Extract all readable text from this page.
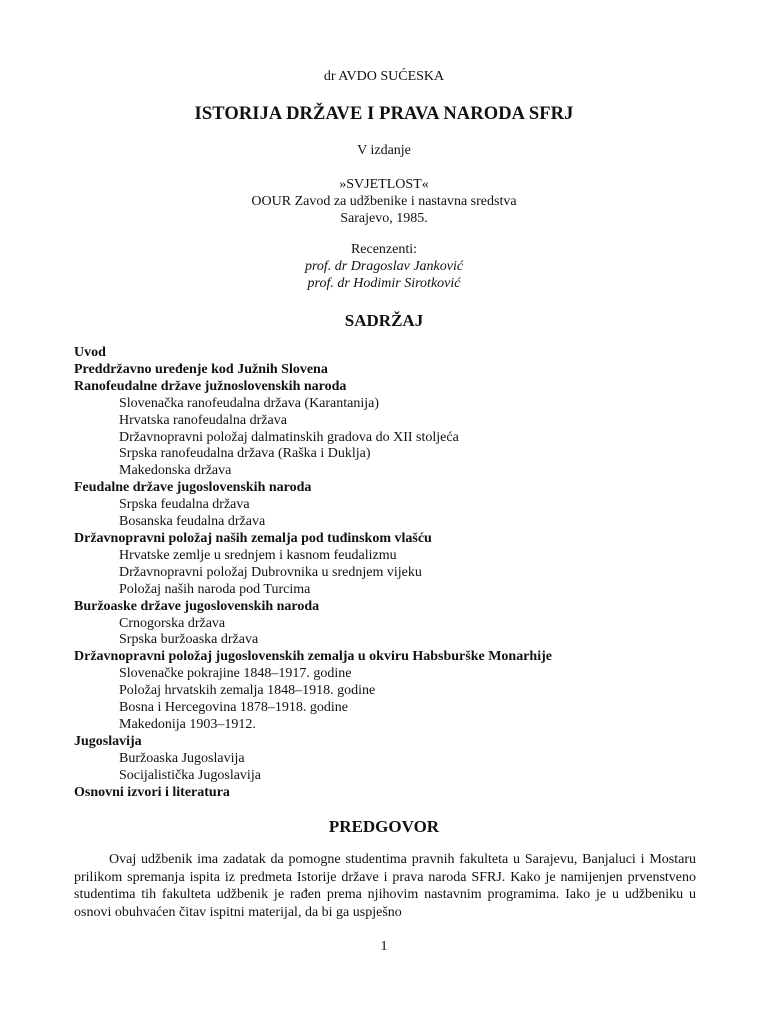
dr AVDO SUĆESKA
ISTORIJA DRŽAVE I PRAVA NARODA SFRJ
V izdanje
»SVJETLOST«
OOUR Zavod za udžbenike i nastavna sredstva
Sarajevo, 1985.
Recenzenti:
prof. dr Dragoslav Janković
prof. dr Hodimir Sirotković
SADRŽAJ
Uvod
Preddržavno uređenje kod Južnih Slovena
Ranofeudalne države južnoslovenskih naroda
Slovenačka ranofeudalna država (Karantanija)
Hrvatska ranofeudalna država
Državnopravni položaj dalmatinskih gradova do XII stoljeća
Srpska ranofeudalna država (Raška i Duklja)
Makedonska država
Feudalne države jugoslovenskih naroda
Srpska feudalna država
Bosanska feudalna država
Državnopravni položaj naših zemalja pod tuđinskom vlašću
Hrvatske zemlje u srednjem i kasnom feudalizmu
Državnopravni položaj Dubrovnika u srednjem vijeku
Položaj naših naroda pod Turcima
Buržoaske države jugoslovenskih naroda
Crnogorska država
Srpska buržoaska država
Državnopravni položaj jugoslovenskih zemalja u okviru Habsburške Monarhije
Slovenačke pokrajine 1848–1917. godine
Položaj hrvatskih zemalja 1848–1918. godine
Bosna i Hercegovina 1878–1918. godine
Makedonija 1903–1912.
Jugoslavija
Buržoaska Jugoslavija
Socijalistička Jugoslavija
Osnovni izvori i literatura
PREDGOVOR

Ovaj udžbenik ima zadatak da pomogne studentima pravnih fakulteta u Sarajevu, Banjaluci i Mostaru prilikom spremanja ispita iz predmeta Istorije države i prava naroda SFRJ. Kako je namijenjen prvenstveno studentima tih fakulteta udžbenik je rađen prema njihovim nastavnim programima. Iako je u udžbeniku u osnovi obuhvaćen čitav ispitni materijal, da bi ga uspješno

1
